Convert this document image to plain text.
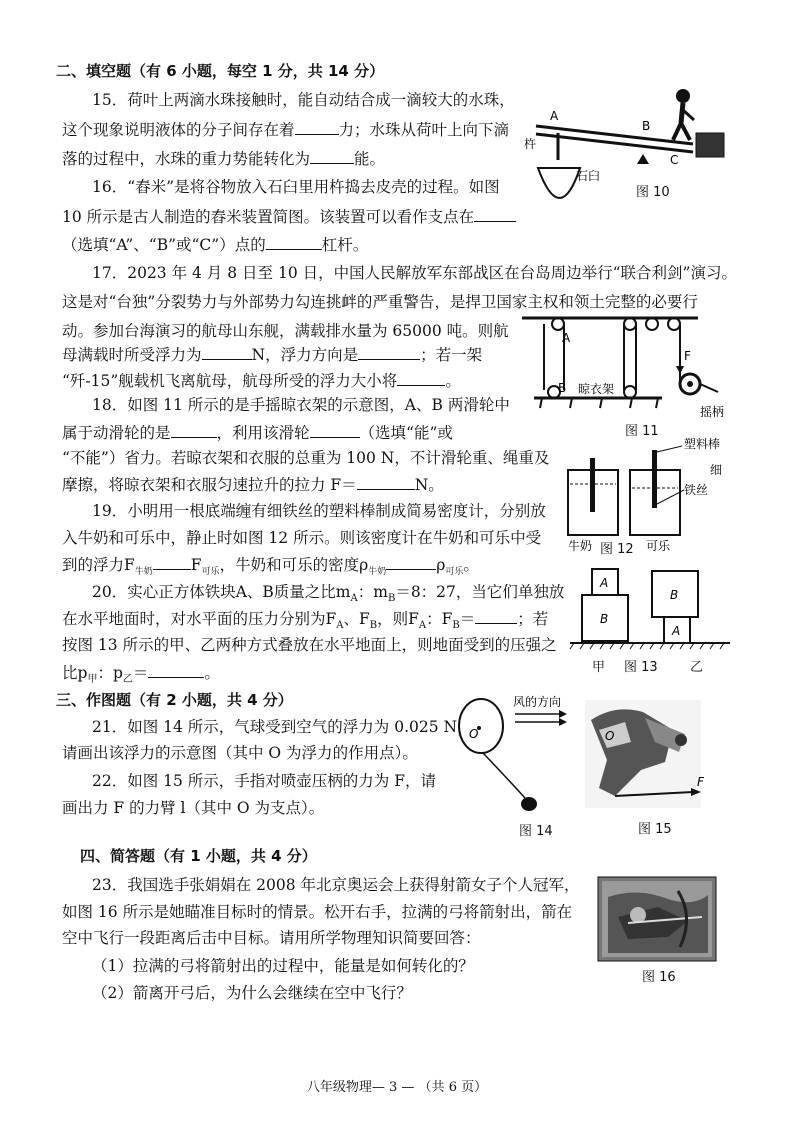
二、填空题（有 6 小题，每空 1 分，共 14 分）
15．荷叶上两滴水珠接触时，能自动结合成一滴较大的水珠，
这个现象说明液体的分子间存在着	力；水珠从荷叶上向下滴
落的过程中，水珠的重力势能转化为	能。
16．“舂米”是将谷物放入石臼里用杵捣去皮壳的过程。如图
10 所示是古人制造的舂米装置简图。该装置可以看作支点在
（选填“A”、“B”或“C”）点的	杠杆。
17．2023 年 4 月 8 日至 10 日，中国人民解放军东部战区在台岛周边举行“联合利剑”演习。
这是对“台独”分裂势力与外部势力勾连挑衅的严重警告，是捍卫国家主权和领土完整的必要行
动。参加台海演习的航母山东舰，满载排水量为 65000 吨。则航
母满载时所受浮力为	N，浮力方向是	；若一架
“歼-15”舰载机飞离航母，航母所受的浮力大小将	。
18．如图 11 所示的是手摇晾衣架的示意图，A、B 两滑轮中
属于动滑轮的是	，利用该滑轮	（选填“能”或
“不能”）省力。若晾衣架和衣服的总重为 100 N，不计滑轮重、绳重及
摩擦，将晾衣架和衣服匀速拉升的拉力 F＝	N。
19．小明用一根底端缠有细铁丝的塑料棒制成简易密度计，分别放
入牛奶和可乐中，静止时如图 12 所示。则该密度计在牛奶和可乐中受
到的浮力$F_{牛奶}$ $F_{可乐}$，牛奶和可乐的密度$\rho_{牛奶}$	$\rho_{可乐}$。
20．实心正方体铁块A、B质量之比$m_A$：$m_B=8$：27，当它们单独放
在水平地面时，对水平面的压力分别为$F_A$、$F_B$，则$F_A$：$F_B=$	；若
按图 13 所示的甲、乙两种方式叠放在水平地面上，则地面受到的压强之
比$p_甲$：$p_乙=$	。
三、作图题（有 2 小题，共 4 分）
21．如图 14 所示，气球受到空气的浮力为 0.025 N，
请画出该浮力的示意图（其中 O 为浮力的作用点）。
22．如图 15 所示，手指对喷壶压柄的力为 F，请
画出力 F 的力臂 l（其中 O 为支点）。
四、简答题（有 1 小题，共 4 分）
23．我国选手张娟娟在 2008 年北京奥运会上获得射箭女子个人冠军，
如图 16 所示是她瞄准目标时的情景。松开右手，拉满的弓将箭射出，箭在
空中飞行一段距离后击中目标。请用所学物理知识简要回答：
（1）拉满的弓将箭射出的过程中，能量是如何转化的？
（2）箭离开弓后，为什么会继续在空中飞行？
A
B
C
杵
石臼
图 10
A
B
F
晾衣架
摇柄
图 11
塑料棒
细
铁丝
牛奶	可乐
图 12
A
B
B
A
甲 图 13 乙
风的方向
O
图 14
O
F
图 15
图 16
八年级物理— 3 — （共 6 页）
